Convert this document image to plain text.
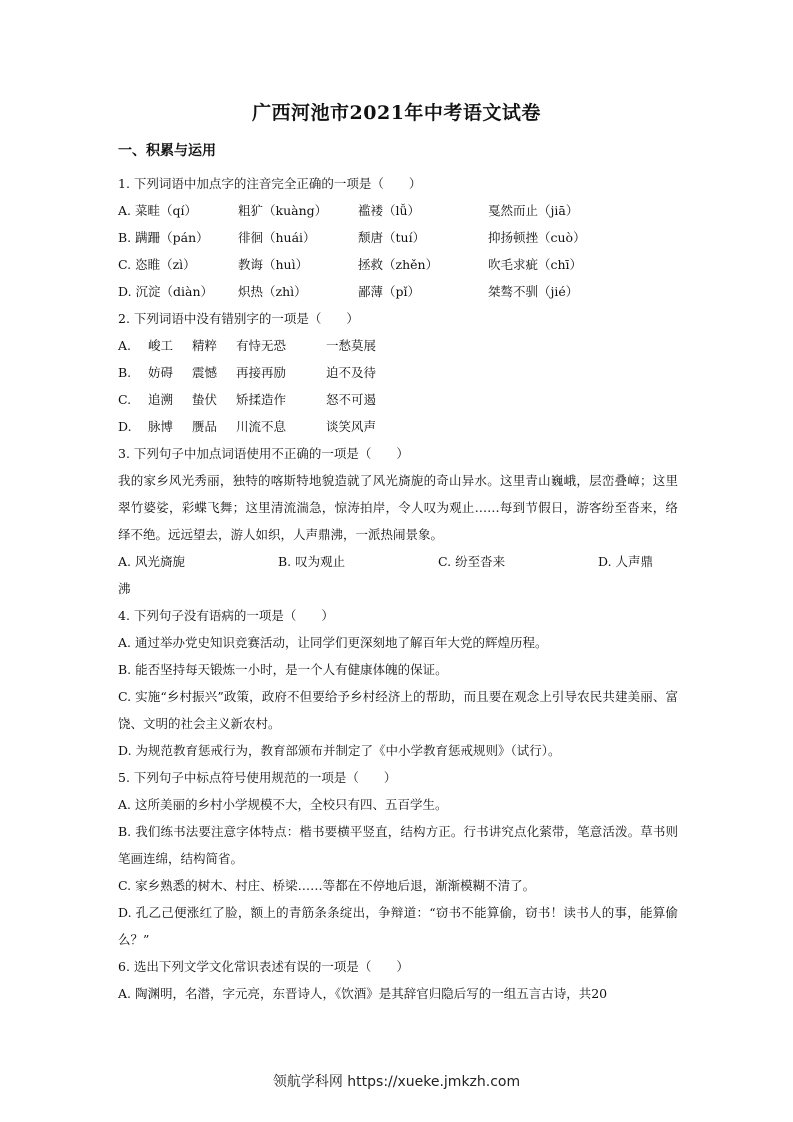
广西河池市2021年中考语文试卷
一、积累与运用
1. 下列词语中加点字的注音完全正确的一项是（　　）
A. 菜畦（qí）	粗犷（kuàng）	褴褛（lǚ）	戛然而止（jiā）
B. 蹒跚（pán）	徘徊（huái）	颓唐（tuí）	抑扬顿挫（cuò）
C. 恣睢（zì）	教诲（huì）	拯救（zhěn）	吹毛求疵（chī）
D. 沉淀（diàn）	炽热（zhì）	鄙薄（pǐ）	桀骜不驯（jié）
2. 下列词语中没有错别字的一项是（　　）
A.	峻工	精粹	有恃无恐	一愁莫展
B.	妨碍	震憾	再接再励	迫不及待
C.	追溯	蛰伏	矫揉造作	怒不可遏
D.	脉博	赝品	川流不息	谈笑风声
3. 下列句子中加点词语使用不正确的一项是（　　）
我的家乡风光秀丽，独特的喀斯特地貌造就了风光旖旎的奇山异水。这里青山巍峨，层峦叠嶂；这里翠竹婆娑，彩蝶飞舞；这里清流湍急，惊涛拍岸，令人叹为观止……每到节假日，游客纷至沓来，络绎不绝。远远望去，游人如织，人声鼎沸，一派热闹景象。
A. 风光旖旎	B. 叹为观止	C. 纷至沓来	D. 人声鼎
沸
4. 下列句子没有语病的一项是（　　）
A. 通过举办党史知识竞赛活动，让同学们更深刻地了解百年大党的辉煌历程。
B. 能否坚持每天锻炼一小时，是一个人有健康体魄的保证。
C. 实施“乡村振兴”政策，政府不但要给予乡村经济上的帮助，而且要在观念上引导农民共建美丽、富饶、文明的社会主义新农村。
D. 为规范教育惩戒行为，教育部颁布并制定了《中小学教育惩戒规则》（试行）。
5. 下列句子中标点符号使用规范的一项是（　　）
A. 这所美丽的乡村小学规模不大，全校只有四、五百学生。
B. 我们练书法要注意字体特点：楷书要横平竖直，结构方正。行书讲究点化萦带，笔意活泼。草书则笔画连绵，结构简省。
C. 家乡熟悉的树木、村庄、桥梁……等都在不停地后退，渐渐模糊不清了。
D. 孔乙己便涨红了脸，额上的青筋条条绽出，争辩道：“窃书不能算偷，窃书！读书人的事，能算偷么？”
6. 选出下列文学文化常识表述有误的一项是（　　）
A. 陶渊明，名潜，字元亮，东晋诗人，《饮酒》是其辞官归隐后写的一组五言古诗，共20
领航学科网 https://xueke.jmkzh.com
